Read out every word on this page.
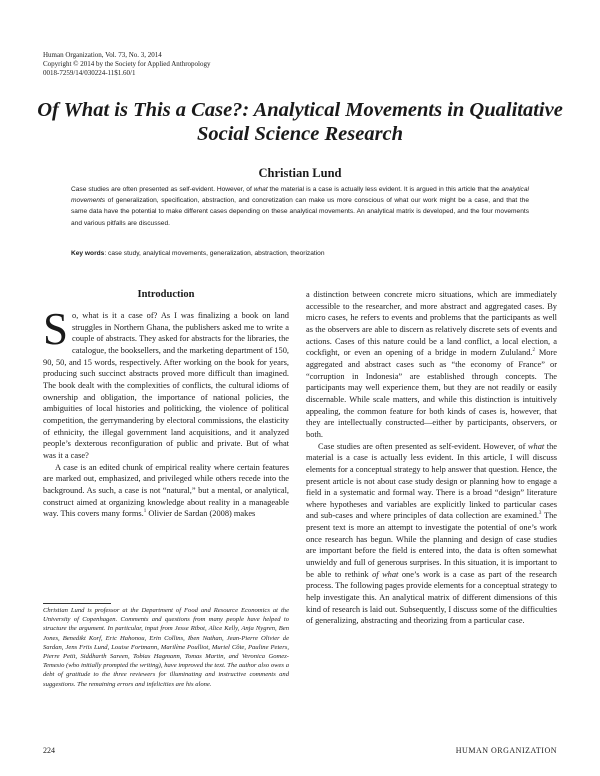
Human Organization, Vol. 73, No. 3, 2014
Copyright © 2014 by the Society for Applied Anthropology
0018-7259/14/030224-11$1.60/1
Of What is This a Case?: Analytical Movements in Qualitative Social Science Research
Christian Lund
Case studies are often presented as self-evident. However, of what the material is a case is actually less evident. It is argued in this article that the analytical movements of generalization, specification, abstraction, and concretization can make us more conscious of what our work might be a case, and that the same data have the potential to make different cases depending on these analytical movements. An analytical matrix is developed, and the four movements and various pitfalls are discussed.
Key words: case study, analytical movements, generalization, abstraction, theorization
Introduction

So, what is it a case of? As I was finalizing a book on land struggles in Northern Ghana, the publishers asked me to write a couple of abstracts. They asked for abstracts for the libraries, the catalogue, the booksellers, and the marketing department of 150, 90, 50, and 15 words, respectively. After working on the book for years, producing such succinct abstracts proved more difficult than imagined. The book dealt with the complexities of conflicts, the cultural idioms of ownership and obligation, the importance of national policies, the ambiguities of local histories and politicking, the violence of political competition, the gerrymandering by electoral commissions, the elasticity of ethnicity, the illegal government land acquisitions, and it analyzed people’s dexterous reconfiguration of public and private. But of what was it a case?

A case is an edited chunk of empirical reality where certain features are marked out, emphasized, and privileged while others recede into the background. As such, a case is not “natural,” but a mental, or analytical, construct aimed at organizing knowledge about reality in a manageable way. This covers many forms.$^1$ Olivier de Sardan (2008) makes

Christian Lund is professor at the Department of Food and Resource Economics at the University of Copenhagen. Comments and questions from many people have helped to structure the argument. In particular, input from Jesse Ribot, Alice Kelly, Anja Nygren, Ben Jones, Benedikt Korf, Eric Hahonou, Erin Collins, Iben Nathan, Jean-Pierre Olivier de Sardan, Jens Friis Lund, Louise Fortmann, Marilène Poulliot, Muriel Côte, Pauline Peters, Pierre Petit, Siddharth Sareen, Tobias Hagmann, Tomas Martin, and Veronica Gomez-Temesio (who initially prompted the writing), have improved the text. The author also owes a debt of gratitude to the three reviewers for illuminating and instructive comments and suggestions. The remaining errors and infelicities are his alone.

a distinction between concrete micro situations, which are immediately accessible to the researcher, and more abstract and aggregated cases. By micro cases, he refers to events and problems that the participants as well as the observers are able to discern as relatively discrete sets of events and actions. Cases of this nature could be a land conflict, a local election, a cockfight, or even an opening of a bridge in modern Zululand.$^2$ More aggregated and abstract cases such as “the economy of France” or “corruption in Indonesia” are established through concepts. The participants may well experience them, but they are not readily or easily discernable. While scale matters, and while this distinction is intuitively appealing, the common feature for both kinds of cases is, however, that they are intellectually constructed—either by participants, observers, or both.

Case studies are often presented as self-evident. However, of what the material is a case is actually less evident. In this article, I will discuss elements for a conceptual strategy to help answer that question. Hence, the present article is not about case study design or planning how to engage a field in a systematic and formal way. There is a broad “design” literature where hypotheses and variables are explicitly linked to particular cases and sub-cases and where principles of data collection are examined.$^3$ The present text is more an attempt to investigate the potential of one’s work once research has begun. While the planning and design of case studies are important before the field is entered into, the data is often somewhat unwieldy and full of generous surprises. In this situation, it is important to be able to rethink of what one’s work is a case as part of the research process. The following pages provide elements for a conceptual strategy to help investigate this. An analytical matrix of different dimensions of this kind of research is laid out. Subsequently, I discuss some of the difficulties of generalizing, abstracting and theorizing from a particular case.

224	HUMAN ORGANIZATION
